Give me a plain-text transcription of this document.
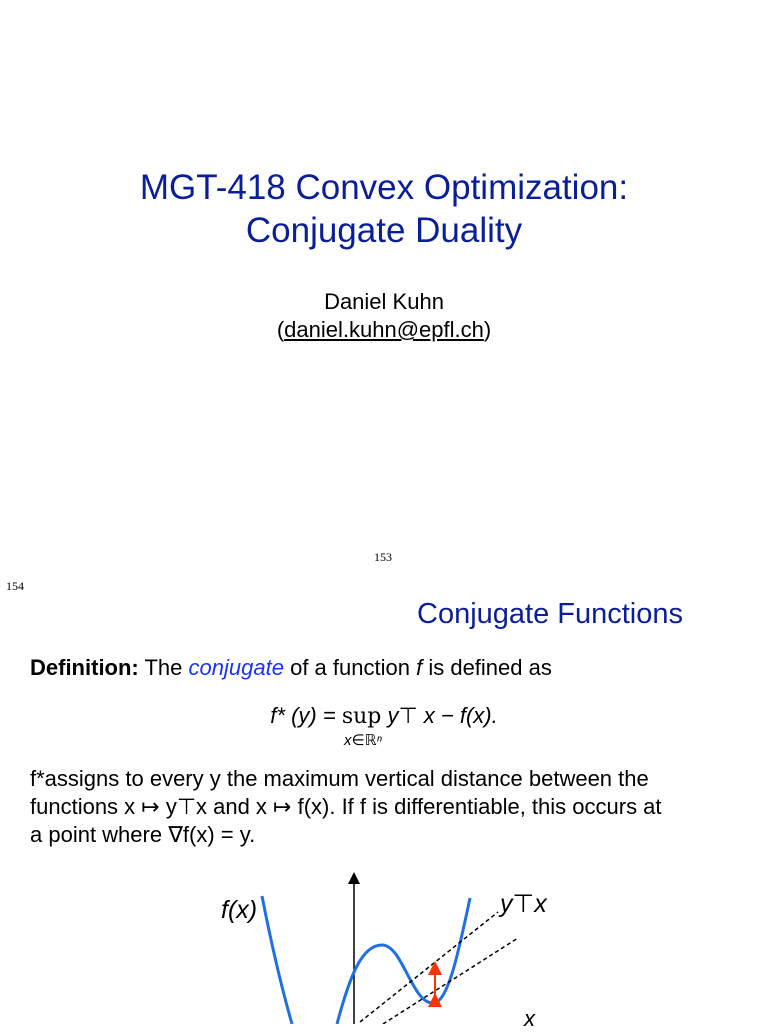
MGT-418 Convex Optimization:
Conjugate Duality
Daniel Kuhn
(daniel.kuhn@epfl.ch)
153
154
Conjugate Functions
Definition: The conjugate of a function f is defined as
f* (y) = sup y⊤ x − f(x).
x∈ℝⁿ
f*assigns to every y the maximum vertical distance between the
functions x ↦ y⊤x and x ↦ f(x). If f is differentiable, this occurs at
a point where ∇f(x) = y.
f(x)	y⊤x
x
